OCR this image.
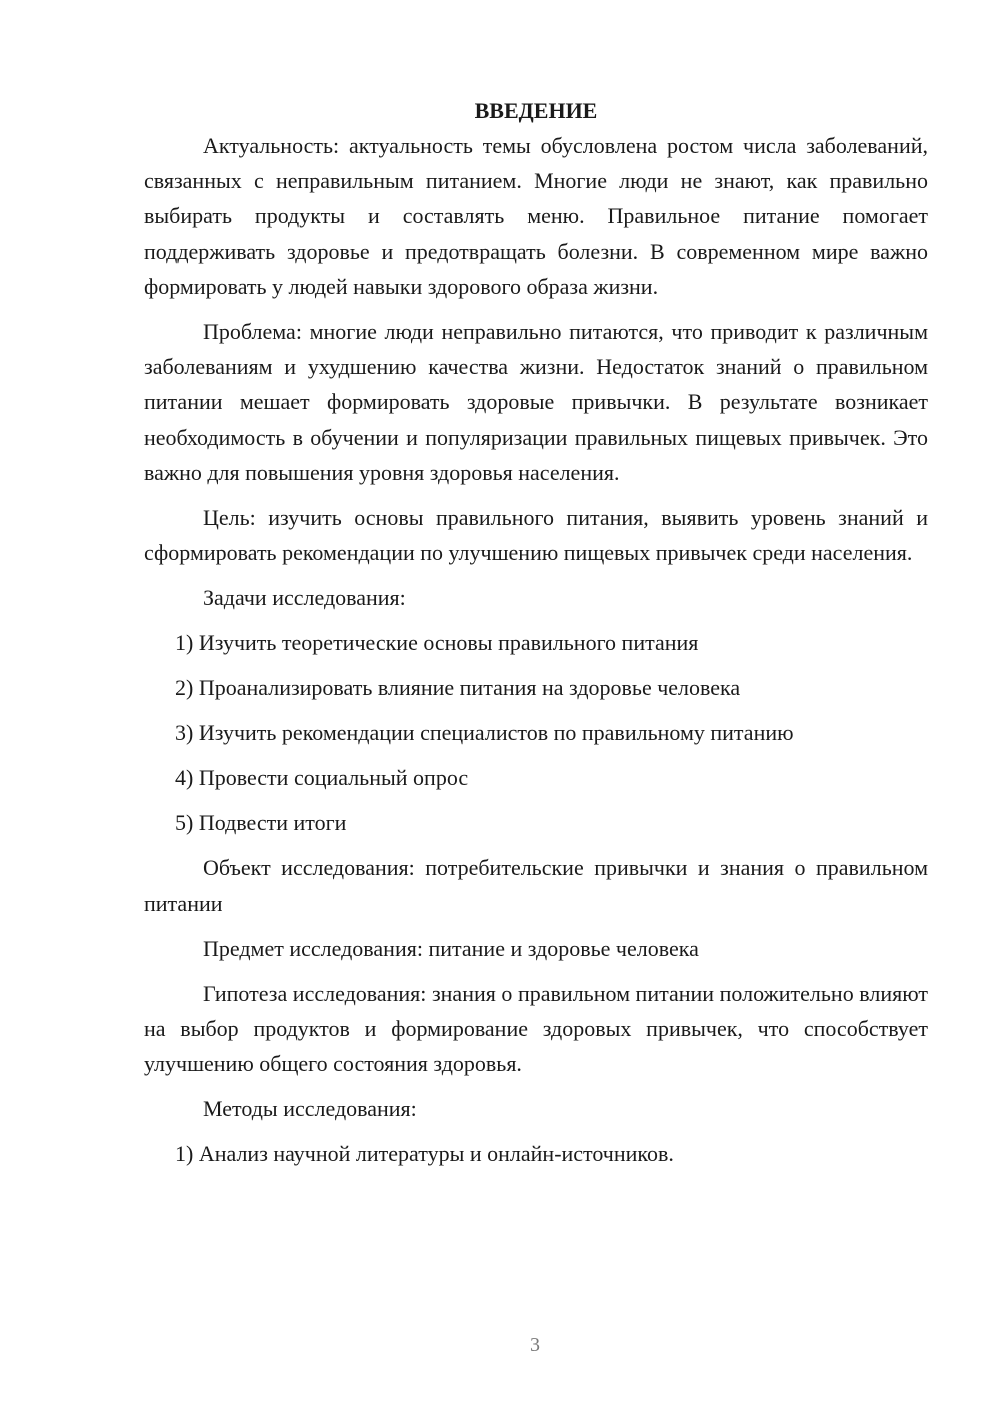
ВВЕДЕНИЕ

Актуальность: актуальность темы обусловлена ростом числа заболеваний, связанных с неправильным питанием. Многие люди не знают, как правильно выбирать продукты и составлять меню. Правильное питание помогает поддерживать здоровье и предотвращать болезни. В современном мире важно формировать у людей навыки здорового образа жизни.

Проблема: многие люди неправильно питаются, что приводит к различным заболеваниям и ухудшению качества жизни. Недостаток знаний о правильном питании мешает формировать здоровые привычки. В результате возникает необходимость в обучении и популяризации правильных пищевых привычек. Это важно для повышения уровня здоровья населения.

Цель: изучить основы правильного питания, выявить уровень знаний и сформировать рекомендации по улучшению пищевых привычек среди населения.

Задачи исследования:

1) Изучить теоретические основы правильного питания

2) Проанализировать влияние питания на здоровье человека

3) Изучить рекомендации специалистов по правильному питанию

4) Провести социальный опрос

5) Подвести итоги

Объект исследования: потребительские привычки и знания о правильном питании

Предмет исследования: питание и здоровье человека

Гипотеза исследования: знания о правильном питании положительно влияют на выбор продуктов и формирование здоровых привычек, что способствует улучшению общего состояния здоровья.

Методы исследования:

1) Анализ научной литературы и онлайн-источников.

3
